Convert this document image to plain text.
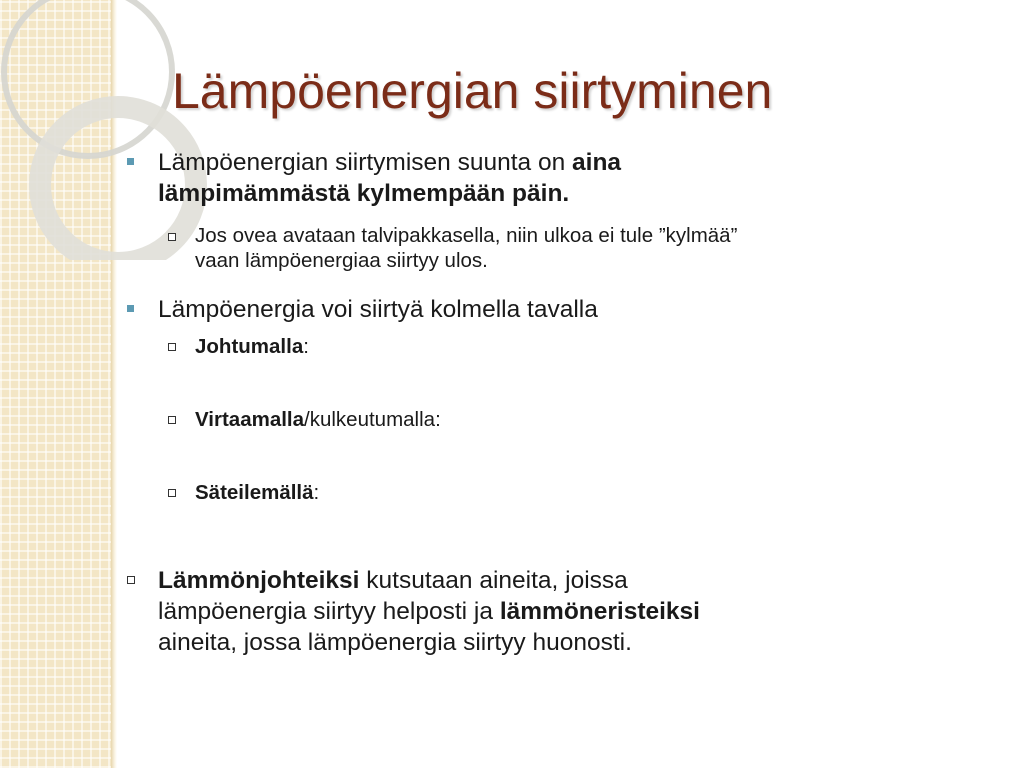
Lämpöenergian siirtyminen

Lämpöenergian siirtymisen suunta on aina
lämpimämmästä kylmempään päin.

Jos ovea avataan talvipakkasella, niin ulkoa ei tule ”kylmää”
vaan lämpöenergiaa siirtyy ulos.

Lämpöenergia voi siirtyä kolmella tavalla

Johtumalla:

Virtaamalla/kulkeutumalla:

Säteilemällä:

Lämmönjohteiksi kutsutaan aineita, joissa
lämpöenergia siirtyy helposti ja lämmöneristeiksi
aineita, jossa lämpöenergia siirtyy huonosti.
